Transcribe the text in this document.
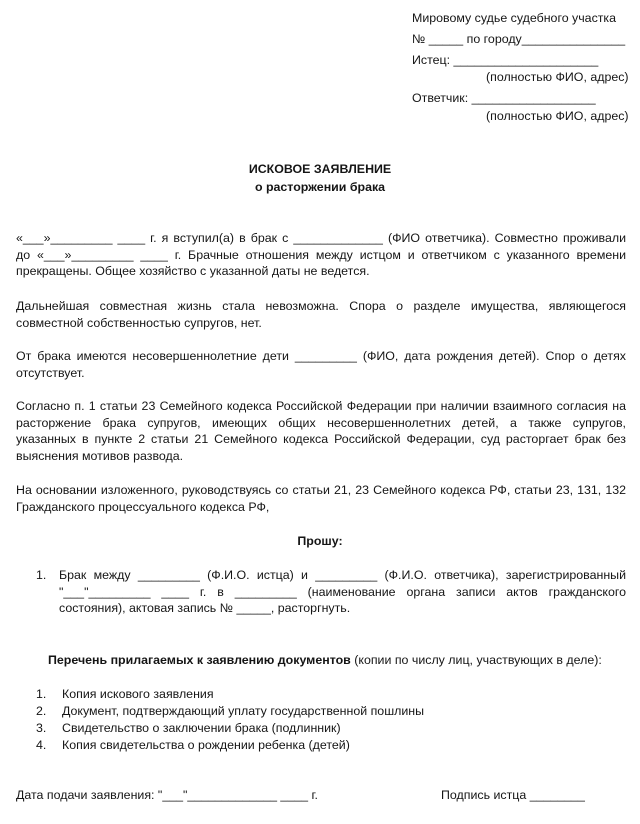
Мировому судье судебного участка
№ _____ по городу_______________
Истец: _____________________
(полностью ФИО, адрес)
Ответчик: __________________
(полностью ФИО, адрес)
ИСКОВОЕ ЗАЯВЛЕНИЕ
о расторжении брака
«___»_________ ____ г. я вступил(а) в брак с _____________ (ФИО ответчика). Совместно проживали
до «___»_________ ____ г. Брачные отношения между истцом и ответчиком с указанного времени
прекращены. Общее хозяйство с указанной даты не ведется.
Дальнейшая совместная жизнь стала невозможна. Спора о разделе имущества, являющегося
совместной собственностью супругов, нет.
От брака имеются несовершеннолетние дети _________ (ФИО, дата рождения детей). Спор о детях
отсутствует.
Согласно п. 1 статьи 23 Семейного кодекса Российской Федерации при наличии взаимного согласия на
расторжение брака супругов, имеющих общих несовершеннолетних детей, а также супругов,
указанных в пункте 2 статьи 21 Семейного кодекса Российской Федерации, суд расторгает брак без
выяснения мотивов развода.
На основании изложенного, руководствуясь со статьи 21, 23 Семейного кодекса РФ, статьи 23, 131, 132
Гражданского процессуального кодекса РФ,
Прошу:
1. Брак между _________ (Ф.И.О. истца) и _________ (Ф.И.О. ответчика), зарегистрированный
"___"_________ ____ г. в _________ (наименование органа записи актов гражданского
состояния), актовая запись № _____, расторгнуть.
Перечень прилагаемых к заявлению документов (копии по числу лиц, участвующих в деле):
1. Копия искового заявления
2. Документ, подтверждающий уплату государственной пошлины
3. Свидетельство о заключении брака (подлинник)
4. Копия свидетельства о рождении ребенка (детей)
Дата подачи заявления: "___"_____________ ____ г.	Подпись истца ________
